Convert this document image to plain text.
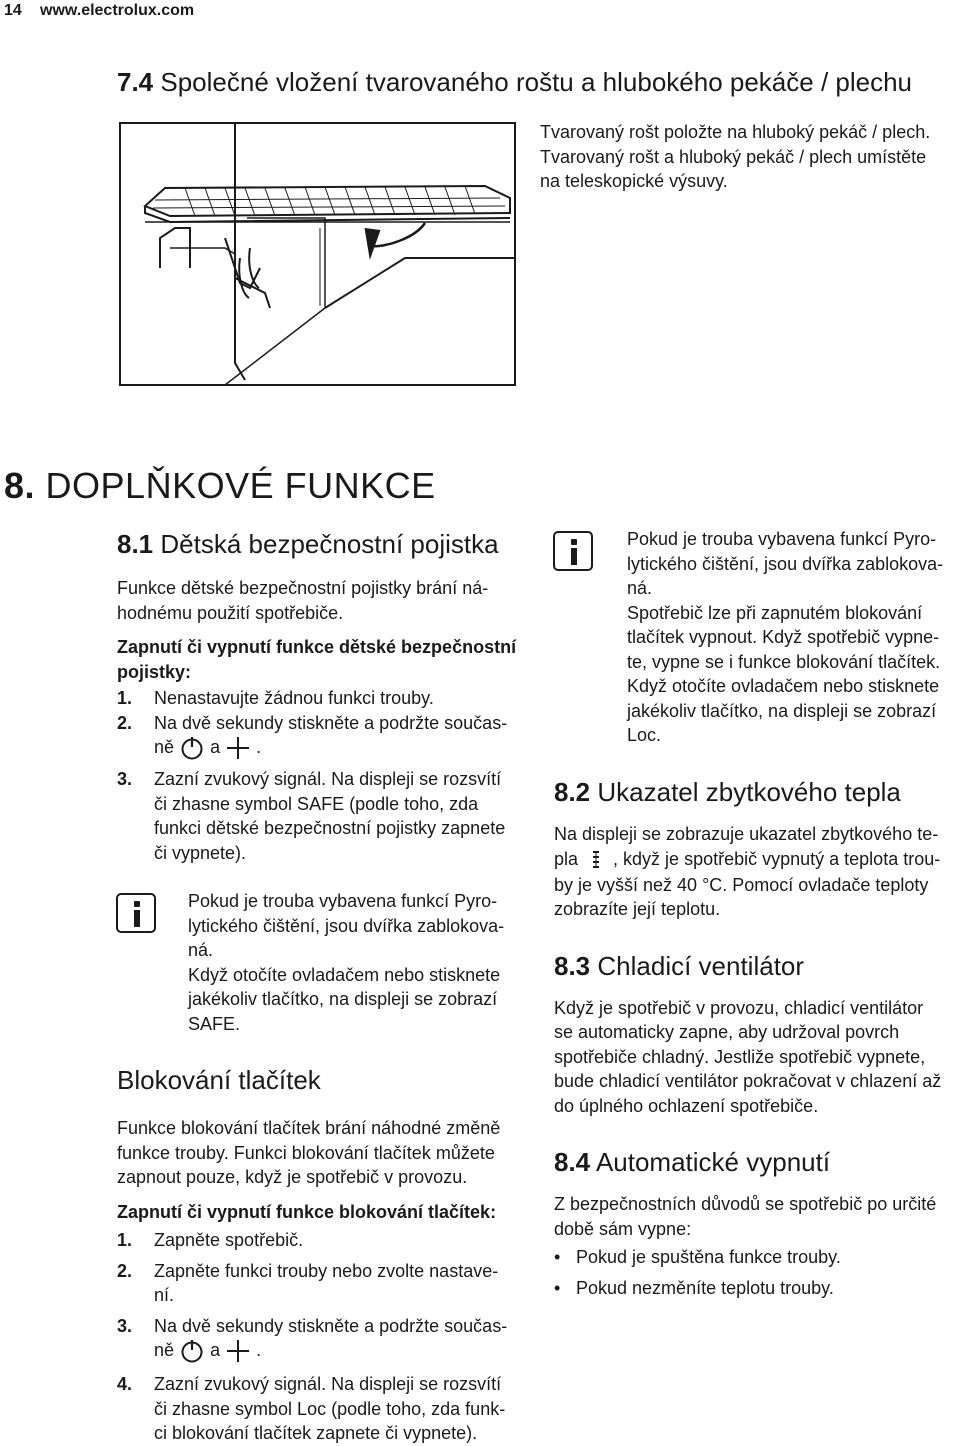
14 www.electrolux.com
7.4 Společné vložení tvarovaného roštu a hlubokého pekáče / plechu
Tvarovaný rošt položte na hluboký pekáč / plech.
Tvarovaný rošt a hluboký pekáč / plech umístěte
na teleskopické výsuvy.
8. DOPLŇKOVÉ FUNKCE
8.1 Dětská bezpečnostní pojistka
Funkce dětské bezpečnostní pojistky brání ná-
hodnému použití spotřebiče.
Zapnutí či vypnutí funkce dětské bezpečnostní
pojistky:
1. Nenastavujte žádnou funkci trouby.
2. Na dvě sekundy stiskněte a podržte součas-
ně a .
3. Zazní zvukový signál. Na displeji se rozsvítí
či zhasne symbol SAFE (podle toho, zda
funkci dětské bezpečnostní pojistky zapnete
či vypnete).
Pokud je trouba vybavena funkcí Pyro-
lytického čištění, jsou dvířka zablokova-
ná.
Když otočíte ovladačem nebo stisknete
jakékoliv tlačítko, na displeji se zobrazí
SAFE.
Blokování tlačítek
Funkce blokování tlačítek brání náhodné změně
funkce trouby. Funkci blokování tlačítek můžete
zapnout pouze, když je spotřebič v provozu.
Zapnutí či vypnutí funkce blokování tlačítek:
1. Zapněte spotřebič.
2. Zapněte funkci trouby nebo zvolte nastave-
ní.
3. Na dvě sekundy stiskněte a podržte součas-
ně a .
4. Zazní zvukový signál. Na displeji se rozsvítí
či zhasne symbol Loc (podle toho, zda funk-
ci blokování tlačítek zapnete či vypnete).
Pokud je trouba vybavena funkcí Pyro-
lytického čištění, jsou dvířka zablokova-
ná.
Spotřebič lze při zapnutém blokování
tlačítek vypnout. Když spotřebič vypne-
te, vypne se i funkce blokování tlačítek.
Když otočíte ovladačem nebo stisknete
jakékoliv tlačítko, na displeji se zobrazí
Loc.
8.2 Ukazatel zbytkového tepla
Na displeji se zobrazuje ukazatel zbytkového te-
pla , když je spotřebič vypnutý a teplota trou-
by je vyšší než 40 °C. Pomocí ovladače teploty
zobrazíte její teplotu.
8.3 Chladicí ventilátor
Když je spotřebič v provozu, chladicí ventilátor
se automaticky zapne, aby udržoval povrch
spotřebiče chladný. Jestliže spotřebič vypnete,
bude chladicí ventilátor pokračovat v chlazení až
do úplného ochlazení spotřebiče.
8.4 Automatické vypnutí
Z bezpečnostních důvodů se spotřebič po určité
době sám vypne:
• Pokud je spuštěna funkce trouby.
• Pokud nezměníte teplotu trouby.
